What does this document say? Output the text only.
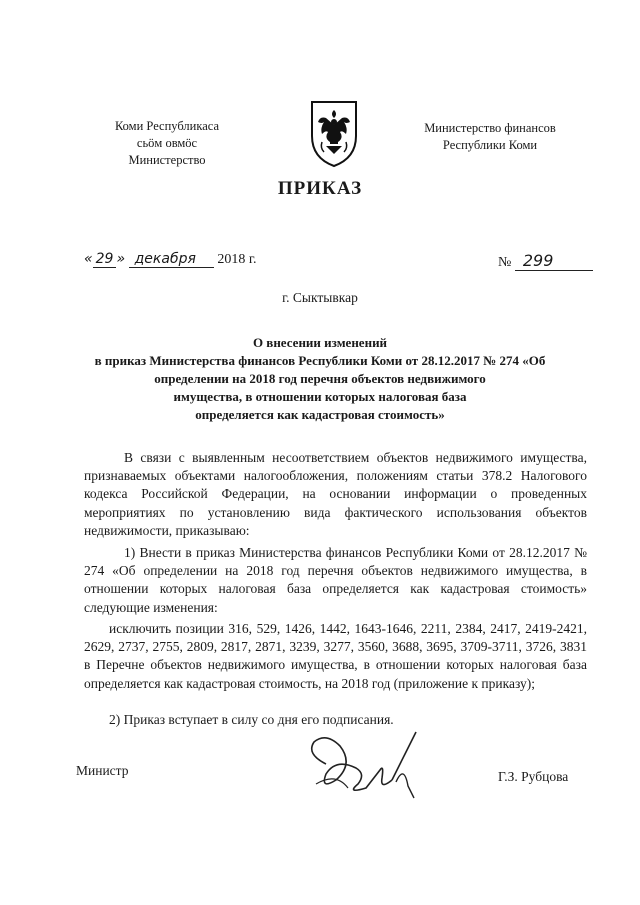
Коми Республикаса
сьӧм овмӧс
Министерство
Министерство финансов
Республики Коми
ПРИКАЗ
« 29 » декабря 2018 г.	№ 299
г. Сыктывкар
О внесении изменений
в приказ Министерства финансов Республики Коми от 28.12.2017 № 274 «Об
определении на 2018 год перечня объектов недвижимого
имущества, в отношении которых налоговая база
определяется как кадастровая стоимость»
В связи с выявленным несоответствием объектов недвижимого имущества, признаваемых объектами налогообложения, положениям статьи 378.2 Налогового кодекса Российской Федерации, на основании информации о проведенных мероприятиях по установлению вида фактического использования объектов недвижимости, приказываю:
1) Внести в приказ Министерства финансов Республики Коми от 28.12.2017 № 274 «Об определении на 2018 год перечня объектов недвижимого имущества, в отношении которых налоговая база определяется как кадастровая стоимость» следующие изменения:
исключить позиции 316, 529, 1426, 1442, 1643-1646, 2211, 2384, 2417, 2419-2421, 2629, 2737, 2755, 2809, 2817, 2871, 3239, 3277, 3560, 3688, 3695, 3709-3711, 3726, 3831 в Перечне объектов недвижимого имущества, в отношении которых налоговая база определяется как кадастровая стоимость, на 2018 год (приложение к приказу);
2) Приказ вступает в силу со дня его подписания.
Министр	Г.З. Рубцова
